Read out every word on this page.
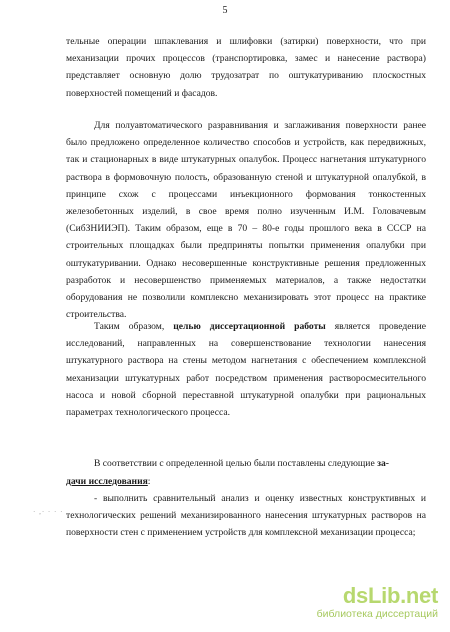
5
тельные операции шпаклевания и шлифовки (затирки) поверхности, что при механизации прочих процессов (транспортировка, замес и нанесение раствора) представляет основную долю трудозатрат по оштукатуриванию плоскостных поверхностей помещений и фасадов.
Для полуавтоматического разравнивания и заглаживания поверхности ранее было предложено определенное количество способов и устройств, как передвижных, так и стационарных в виде штукатурных опалубок. Процесс нагнетания штукатурного раствора в формовочную полость, образованную стеной и штукатурной опалубкой, в принципе схож с процессами инъекционного формования тонкостенных железобетонных изделий, в свое время полно изученным И.М. Головачевым (СибЗНИИЭП). Таким образом, еще в 70 – 80-е годы прошлого века в СССР на строительных площадках были предприняты попытки применения опалубки при оштукатуривании. Однако несовершенные конструктивные решения предложенных разработок и несовершенство применяемых материалов, а также недостатки оборудования не позволили комплексно механизировать этот процесс на практике строительства.
Таким образом, целью диссертационной работы является проведение исследований, направленных на совершенствование технологии нанесения штукатурного раствора на стены методом нагнетания с обеспечением комплексной механизации штукатурных работ посредством применения растворосмесительного насоса и новой сборной переставной штукатурной опалубки при рациональных параметрах технологического процесса.
В соответствии с определенной целью были поставлены следующие за-
дачи исследования:
- выполнить сравнительный анализ и оценку известных конструктивных и технологических решений механизированного нанесения штукатурных растворов на поверхности стен с применением устройств для комплексной механизации процесса;
· ,· · · ·
dsLib.net
библиотека диссертаций
